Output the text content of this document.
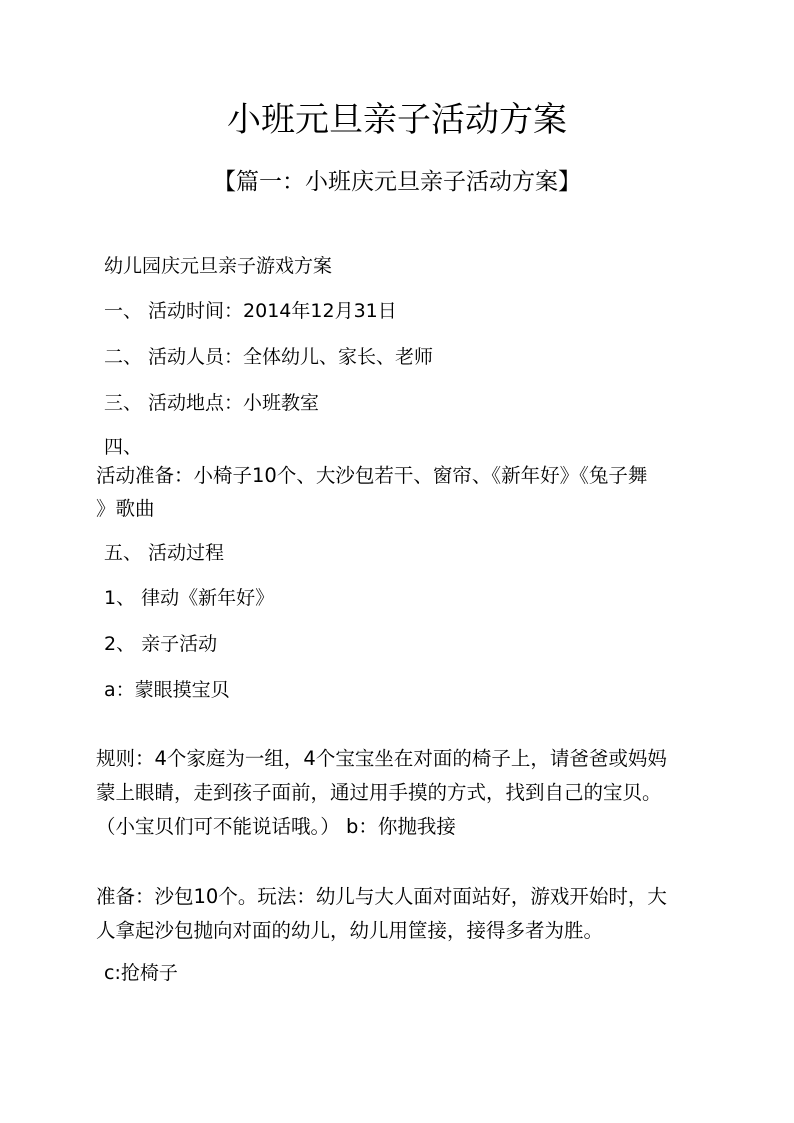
小班元旦亲子活动方案
【篇一：小班庆元旦亲子活动方案】
幼儿园庆元旦亲子游戏方案
一、 活动时间：2014年12月31日
二、 活动人员：全体幼儿、家长、老师
三、 活动地点：小班教室
四、
活动准备：小椅子10个、大沙包若干、窗帘、《新年好》《兔子舞
》歌曲
五、 活动过程
1、 律动《新年好》
2、 亲子活动
a：蒙眼摸宝贝
规则：4个家庭为一组，4个宝宝坐在对面的椅子上，请爸爸或妈妈
蒙上眼睛，走到孩子面前，通过用手摸的方式，找到自己的宝贝。
（小宝贝们可不能说话哦。） b：你抛我接
准备：沙包10个。玩法：幼儿与大人面对面站好，游戏开始时，大
人拿起沙包抛向对面的幼儿，幼儿用筐接，接得多者为胜。
c:抢椅子
